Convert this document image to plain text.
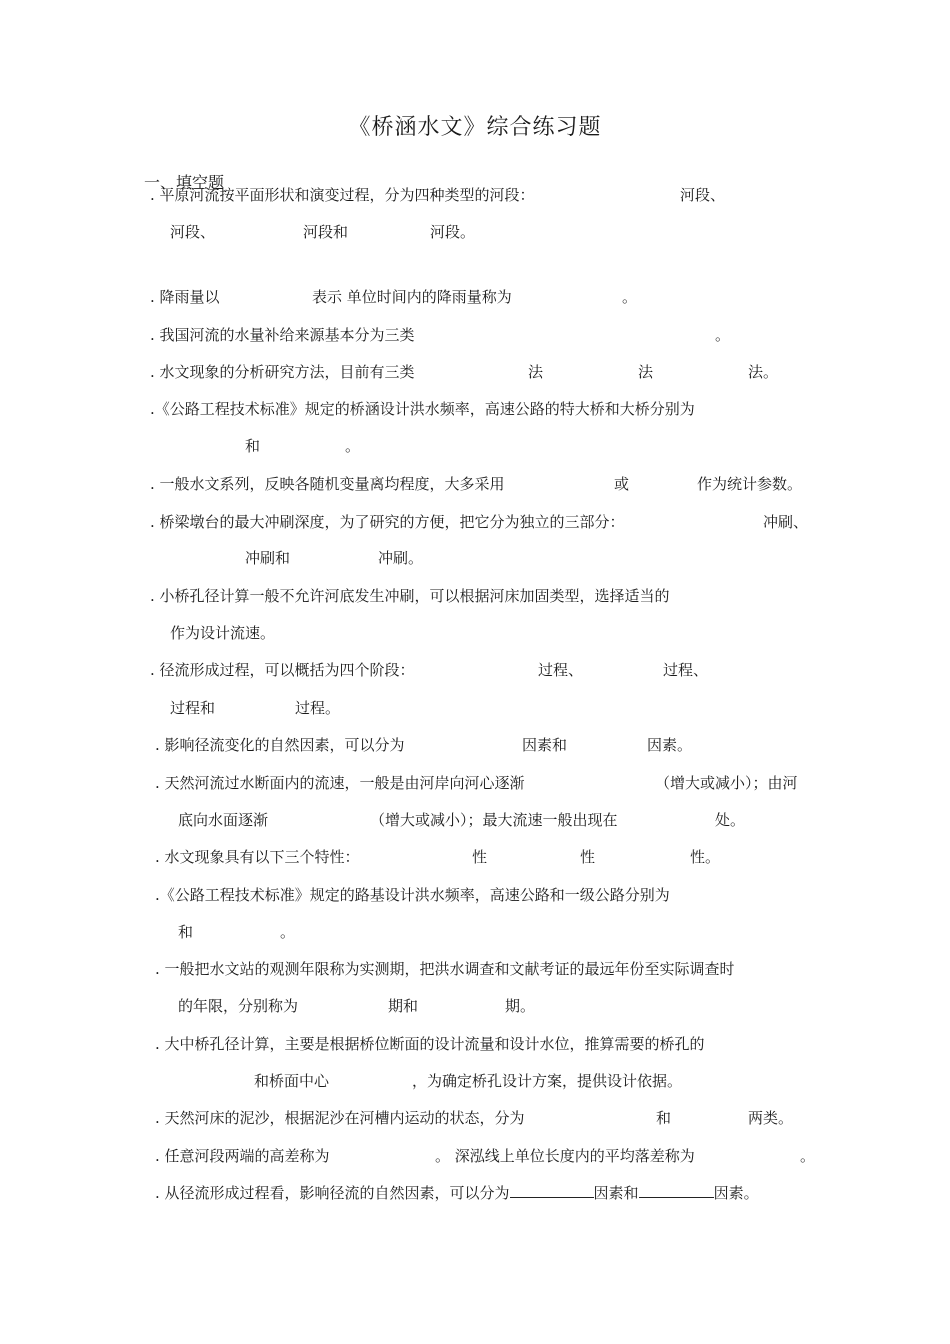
《桥涵水文》综合练习题
一、填空题
. 平原河流按平面形状和演变过程，分为四种类型的河段：	河段、
河段、	河段和	河段。
. 降雨量以	表示 单位时间内的降雨量称为	。
. 我国河流的水量补给来源基本分为三类	。
. 水文现象的分析研究方法，目前有三类	法	法	法。
.《公路工程技术标准》规定的桥涵设计洪水频率，高速公路的特大桥和大桥分别为
和	。
. 一般水文系列，反映各随机变量离均程度，大多采用	或	作为统计参数。
. 桥梁墩台的最大冲刷深度，为了研究的方便，把它分为独立的三部分：	冲刷、
冲刷和	冲刷。
. 小桥孔径计算一般不允许河底发生冲刷，可以根据河床加固类型，选择适当的
作为设计流速。
. 径流形成过程，可以概括为四个阶段：	过程、	过程、
过程和	过程。
. 影响径流变化的自然因素，可以分为	因素和	因素。
. 天然河流过水断面内的流速，一般是由河岸向河心逐渐	（增大或减小）；由河
底向水面逐渐	（增大或减小）；最大流速一般出现在	处。
. 水文现象具有以下三个特性：	性	性	性。
.《公路工程技术标准》规定的路基设计洪水频率，高速公路和一级公路分别为
和	。
. 一般把水文站的观测年限称为实测期，把洪水调查和文献考证的最远年份至实际调查时
的年限，分别称为	期和	期。
. 大中桥孔径计算，主要是根据桥位断面的设计流量和设计水位，推算需要的桥孔的
和桥面中心	，为确定桥孔设计方案，提供设计依据。
. 天然河床的泥沙，根据泥沙在河槽内运动的状态，分为	和	两类。
. 任意河段两端的高差称为	。 深泓线上单位长度内的平均落差称为	。
. 从径流形成过程看，影响径流的自然因素，可以分为	因素和	因素。
